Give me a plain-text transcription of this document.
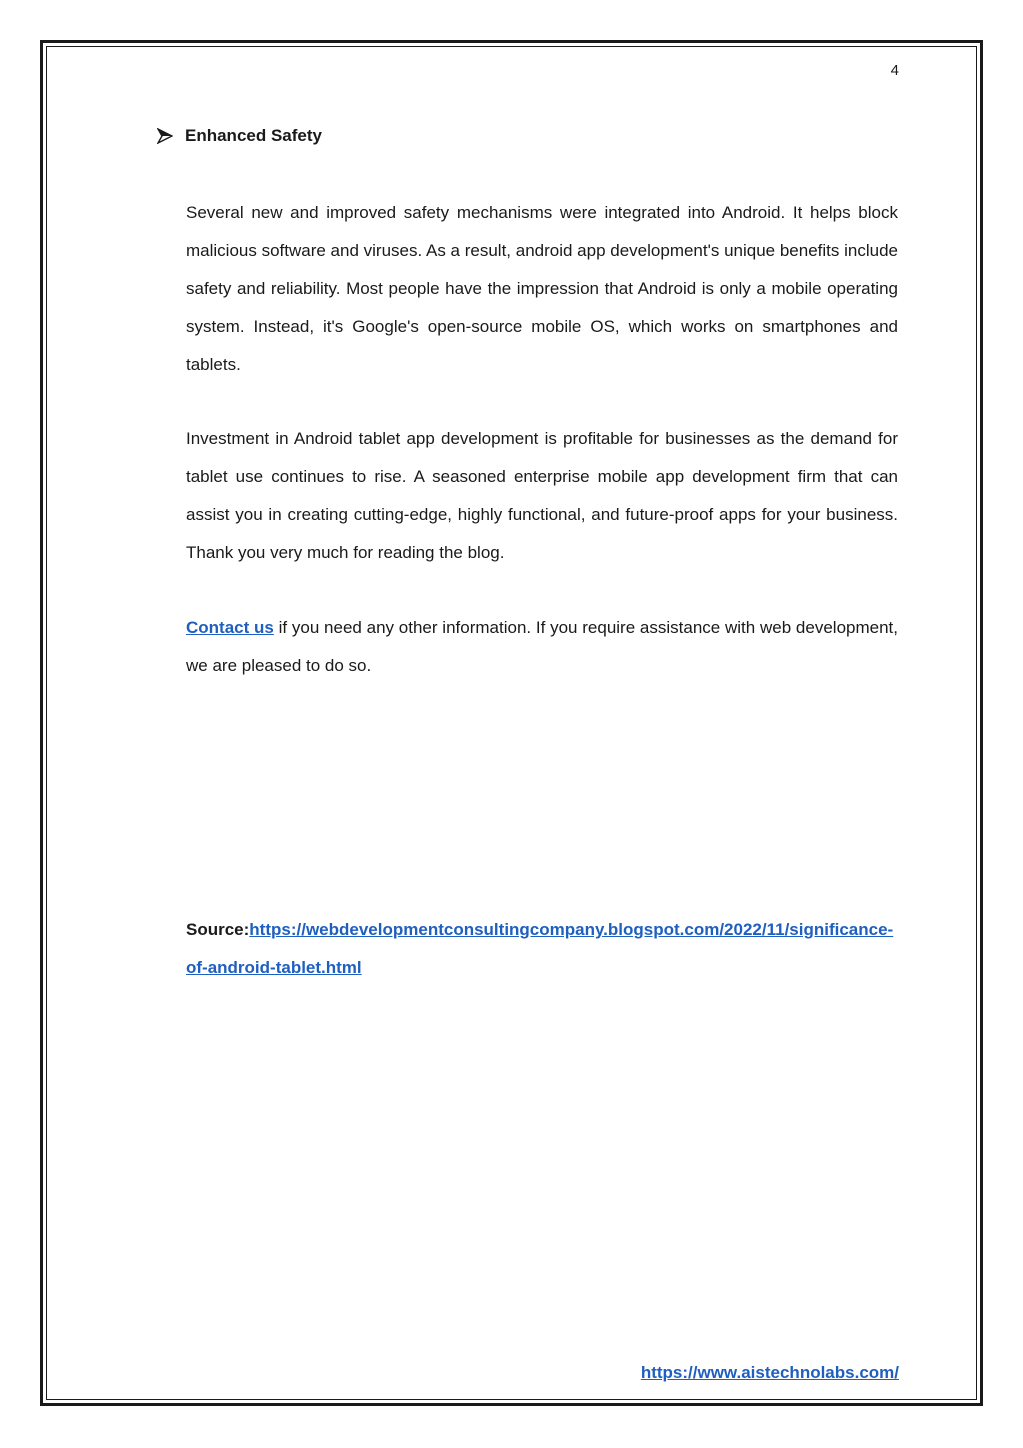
4
Enhanced Safety

Several new and improved safety mechanisms were integrated into Android. It helps block malicious software and viruses. As a result, android app development's unique benefits include safety and reliability. Most people have the impression that Android is only a mobile operating system. Instead, it's Google's open-source mobile OS, which works on smartphones and tablets.

Investment in Android tablet app development is profitable for businesses as the demand for tablet use continues to rise. A seasoned enterprise mobile app development firm that can assist you in creating cutting-edge, highly functional, and future-proof apps for your business. Thank you very much for reading the blog.

Contact us if you need any other information. If you require assistance with web development, we are pleased to do so.

Source:https://webdevelopmentconsultingcompany.blogspot.com/2022/11/significance-of-android-tablet.html

https://www.aistechnolabs.com/
